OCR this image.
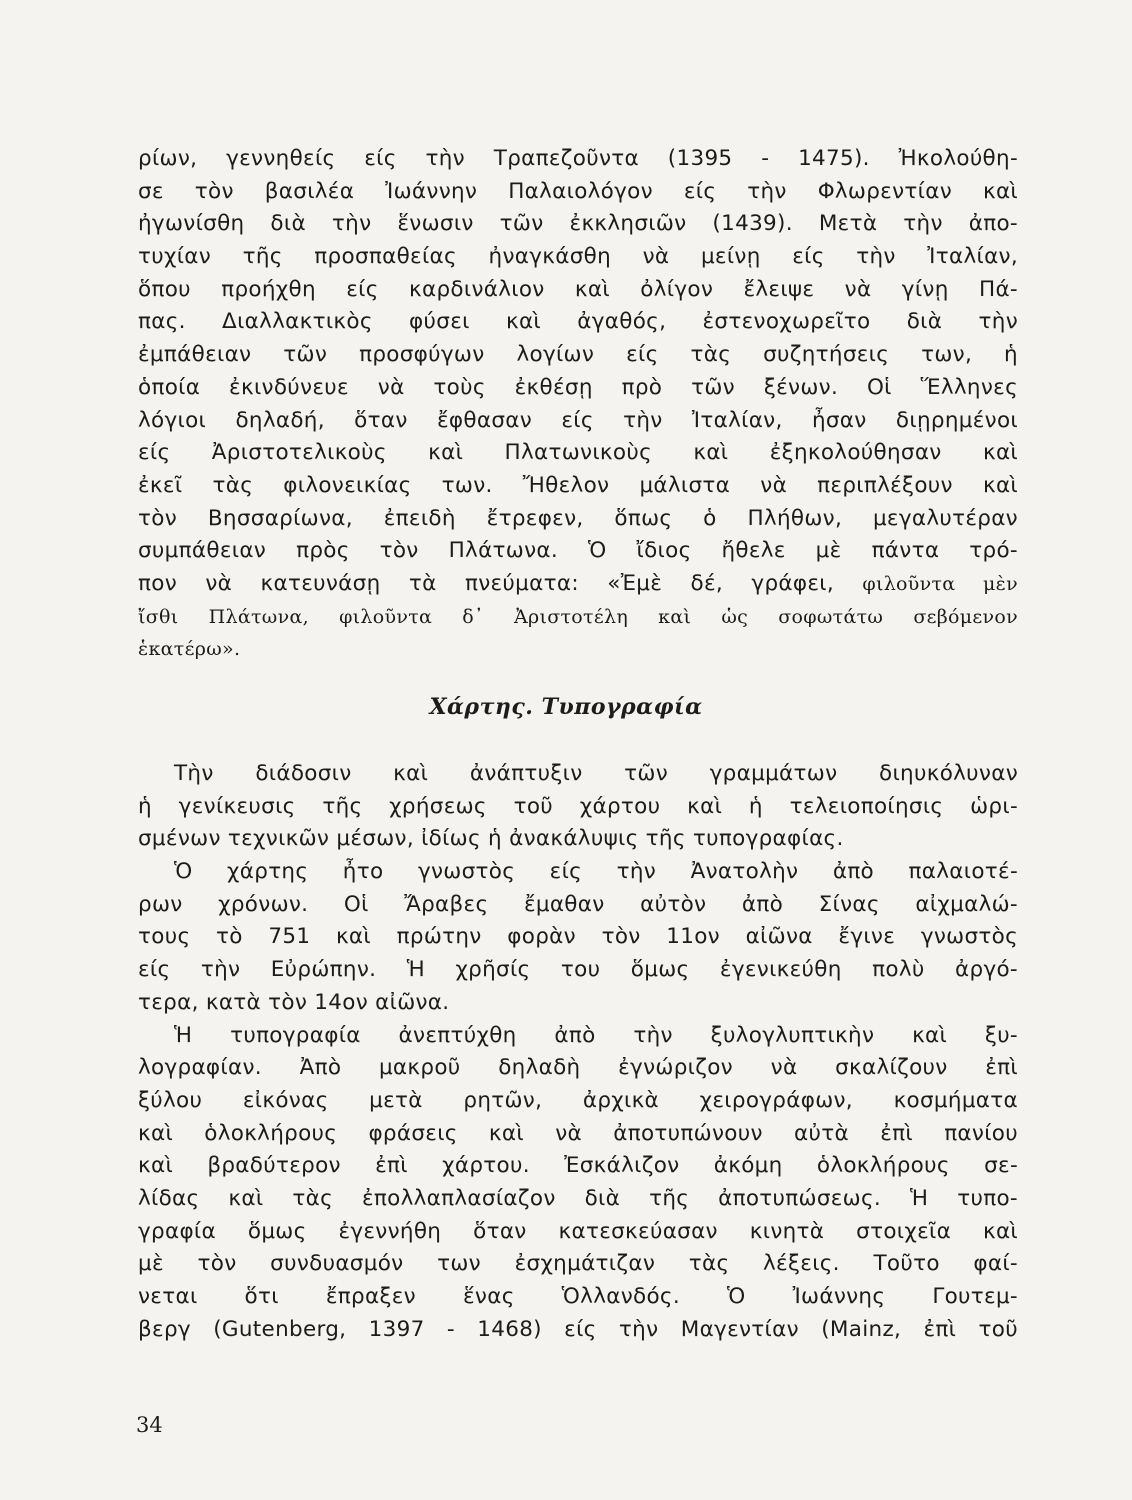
ρίων, γεννηθείς είς τὴν Τραπεζοῦντα (1395 - 1475). Ἠκολούθη-
σε τὸν βασιλέα Ἰωάννην Παλαιολόγον είς τὴν Φλωρεντίαν καὶ
ἠγωνίσθη διὰ τὴν ἕνωσιν τῶν ἐκκλησιῶν (1439). Μετὰ τὴν ἀπο-
τυχίαν τῆς προσπαθείας ἠναγκάσθη νὰ μείνῃ είς τὴν Ἰταλίαν,
ὅπου προήχθη είς καρδινάλιον καὶ ὀλίγον ἔλειψε νὰ γίνῃ Πά-
πας. Διαλλακτικὸς φύσει καὶ ἀγαθός, ἐστενοχωρεῖτο διὰ τὴν
ἐμπάθειαν τῶν προσφύγων λογίων είς τὰς συζητήσεις των, ἡ
ὁποία ἐκινδύνευε νὰ τοὺς ἐκθέσῃ πρὸ τῶν ξένων. Οἱ Ἕλληνες
λόγιοι δηλαδή, ὅταν ἔφθασαν είς τὴν Ἰταλίαν, ἦσαν διῃρημένοι
είς Ἀριστοτελικοὺς καὶ Πλατωνικοὺς καὶ ἐξηκολούθησαν καὶ
ἐκεῖ τὰς φιλονεικίας των. Ἤθελον μάλιστα νὰ περιπλέξουν καὶ
τὸν Βησσαρίωνα, ἐπειδὴ ἔτρεφεν, ὅπως ὁ Πλήθων, μεγαλυτέραν
συμπάθειαν πρὸς τὸν Πλάτωνα. Ὁ ἴδιος ἤθελε μὲ πάντα τρό-
πον νὰ κατευνάσῃ τὰ πνεύματα: «Ἐμὲ δέ, γράφει, φιλοῦντα μὲν
ἴσθι Πλάτωνα, φιλοῦντα δ᾽ Ἀριστοτέλη καὶ ὡς σοφωτάτω σεβόμενον
ἑκατέρω».
Χάρτης. Τυπογραφία
Τὴν διάδοσιν καὶ ἀνάπτυξιν τῶν γραμμάτων διηυκόλυναν
ἡ γενίκευσις τῆς χρήσεως τοῦ χάρτου καὶ ἡ τελειοποίησις ὡρι-
σμένων τεχνικῶν μέσων, ἰδίως ἡ ἀνακάλυψις τῆς τυπογραφίας.
Ὁ χάρτης ἦτο γνωστὸς είς τὴν Ἀνατολὴν ἀπὸ παλαιοτέ-
ρων χρόνων. Οἱ Ἄραβες ἔμαθαν αὐτὸν ἀπὸ Σίνας αἰχμαλώ-
τους τὸ 751 καὶ πρώτην φορὰν τὸν 11ον αἰῶνα ἔγινε γνωστὸς
είς τὴν Εὐρώπην. Ἡ χρῆσίς του ὅμως ἐγενικεύθη πολὺ ἀργό-
τερα, κατὰ τὸν 14ον αἰῶνα.
Ἡ τυπογραφία ἀνεπτύχθη ἀπὸ τὴν ξυλογλυπτικὴν καὶ ξυ-
λογραφίαν. Ἀπὸ μακροῦ δηλαδὴ ἐγνώριζον νὰ σκαλίζουν ἐπὶ
ξύλου εἰκόνας μετὰ ρητῶν, ἀρχικὰ χειρογράφων, κοσμήματα
καὶ ὁλοκλήρους φράσεις καὶ νὰ ἀποτυπώνουν αὐτὰ ἐπὶ πανίου
καὶ βραδύτερον ἐπὶ χάρτου. Ἐσκάλιζον ἀκόμη ὁλοκλήρους σε-
λίδας καὶ τὰς ἐπολλαπλασίαζον διὰ τῆς ἀποτυπώσεως. Ἡ τυπο-
γραφία ὅμως ἐγεννήθη ὅταν κατεσκεύασαν κινητὰ στοιχεῖα καὶ
μὲ τὸν συνδυασμόν των ἐσχημάτιζαν τὰς λέξεις. Τοῦτο φαί-
νεται ὅτι ἔπραξεν ἕνας Ὁλλανδός. Ὁ Ἰωάννης Γουτεμ-
βεργ (Gutenberg, 1397 - 1468) είς τὴν Μαγεντίαν (Mainz, ἐπὶ τοῦ
34
